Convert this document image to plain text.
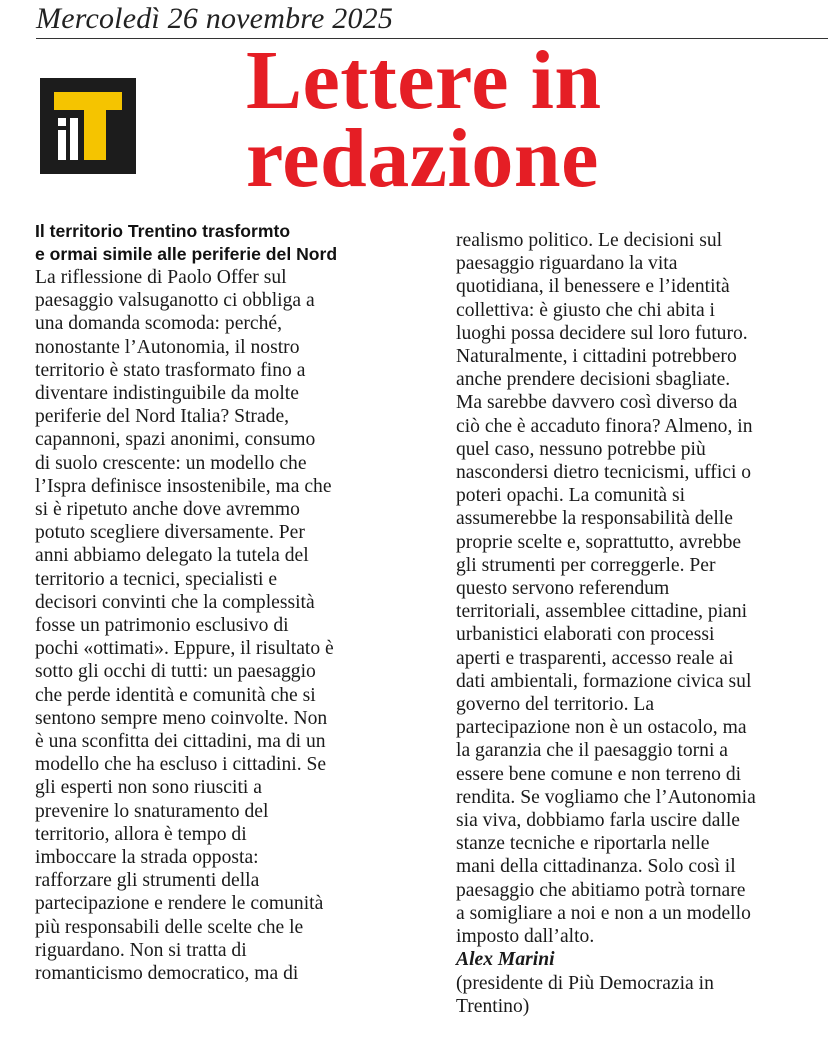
Mercoledì 26 novembre 2025
Lettere in
redazione
Il territorio Trentino trasformto
e ormai simile alle periferie del Nord
La riflessione di Paolo Offer sul
paesaggio valsuganotto ci obbliga a
una domanda scomoda: perché,
nonostante l’Autonomia, il nostro
territorio è stato trasformato fino a
diventare indistinguibile da molte
periferie del Nord Italia? Strade,
capannoni, spazi anonimi, consumo
di suolo crescente: un modello che
l’Ispra definisce insostenibile, ma che
si è ripetuto anche dove avremmo
potuto scegliere diversamente. Per
anni abbiamo delegato la tutela del
territorio a tecnici, specialisti e
decisori convinti che la complessità
fosse un patrimonio esclusivo di
pochi «ottimati». Eppure, il risultato è
sotto gli occhi di tutti: un paesaggio
che perde identità e comunità che si
sentono sempre meno coinvolte. Non
è una sconfitta dei cittadini, ma di un
modello che ha escluso i cittadini. Se
gli esperti non sono riusciti a
prevenire lo snaturamento del
territorio, allora è tempo di
imboccare la strada opposta:
rafforzare gli strumenti della
partecipazione e rendere le comunità
più responsabili delle scelte che le
riguardano. Non si tratta di
romanticismo democratico, ma di
realismo politico. Le decisioni sul
paesaggio riguardano la vita
quotidiana, il benessere e l’identità
collettiva: è giusto che chi abita i
luoghi possa decidere sul loro futuro.
Naturalmente, i cittadini potrebbero
anche prendere decisioni sbagliate.
Ma sarebbe davvero così diverso da
ciò che è accaduto finora? Almeno, in
quel caso, nessuno potrebbe più
nascondersi dietro tecnicismi, uffici o
poteri opachi. La comunità si
assumerebbe la responsabilità delle
proprie scelte e, soprattutto, avrebbe
gli strumenti per correggerle. Per
questo servono referendum
territoriali, assemblee cittadine, piani
urbanistici elaborati con processi
aperti e trasparenti, accesso reale ai
dati ambientali, formazione civica sul
governo del territorio. La
partecipazione non è un ostacolo, ma
la garanzia che il paesaggio torni a
essere bene comune e non terreno di
rendita. Se vogliamo che l’Autonomia
sia viva, dobbiamo farla uscire dalle
stanze tecniche e riportarla nelle
mani della cittadinanza. Solo così il
paesaggio che abitiamo potrà tornare
a somigliare a noi e non a un modello
imposto dall’alto.
Alex Marini
(presidente di Più Democrazia in
Trentino)
